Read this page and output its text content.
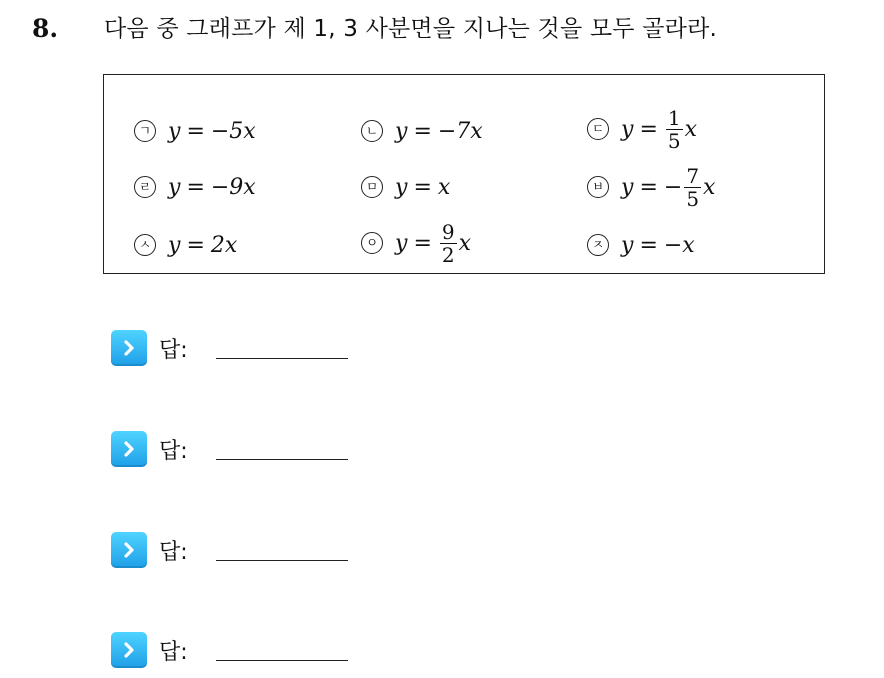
8. 다음 중 그래프가 제 1, 3 사분면을 지나는 것을 모두 골라라.
ㄱ y = −5x	ㄴ y = −7x	ㄷ $y = \frac{1}{5}$ x
ㄹ y = −9x	ㅁ y = x	ㅂ y = − $\frac{7}{5}$ x
ㅅ y = 2x	ㅇ $y = \frac{9}{2}$ x	ㅈ y = −x
답:
답:
답:
답:
